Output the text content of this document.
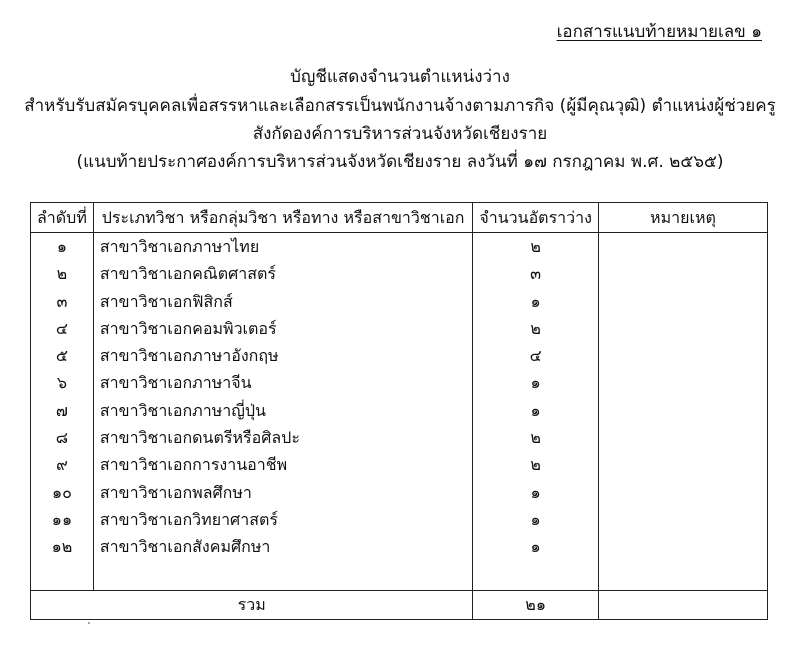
เอกสารแนบท้ายหมายเลข ๑
บัญชีแสดงจำนวนตำแหน่งว่าง
สำหรับรับสมัครบุคคลเพื่อสรรหาและเลือกสรรเป็นพนักงานจ้างตามภารกิจ (ผู้มีคุณวุฒิ) ตำแหน่งผู้ช่วยครู
สังกัดองค์การบริหารส่วนจังหวัดเชียงราย
(แนบท้ายประกาศองค์การบริหารส่วนจังหวัดเชียงราย ลงวันที่ ๑๗ กรกฎาคม พ.ศ. ๒๕๖๕)
ลำดับที่	ประเภทวิชา หรือกลุ่มวิชา หรือทาง หรือสาขาวิชาเอก	จำนวนอัตราว่าง	หมายเหตุ
๑	สาขาวิชาเอกภาษาไทย	๒	
๒	สาขาวิชาเอกคณิตศาสตร์	๓	
๓	สาขาวิชาเอกฟิสิกส์	๑	
๔	สาขาวิชาเอกคอมพิวเตอร์	๒	
๕	สาขาวิชาเอกภาษาอังกฤษ	๔	
๖	สาขาวิชาเอกภาษาจีน	๑	
๗	สาขาวิชาเอกภาษาญี่ปุ่น	๑	
๘	สาขาวิชาเอกดนตรีหรือศิลปะ	๒	
๙	สาขาวิชาเอกการงานอาชีพ	๒	
๑๐	สาขาวิชาเอกพลศึกษา	๑	
๑๑	สาขาวิชาเอกวิทยาศาสตร์	๑	
๑๒	สาขาวิชาเอกสังคมศึกษา	๑	

รวม		๒๑	
